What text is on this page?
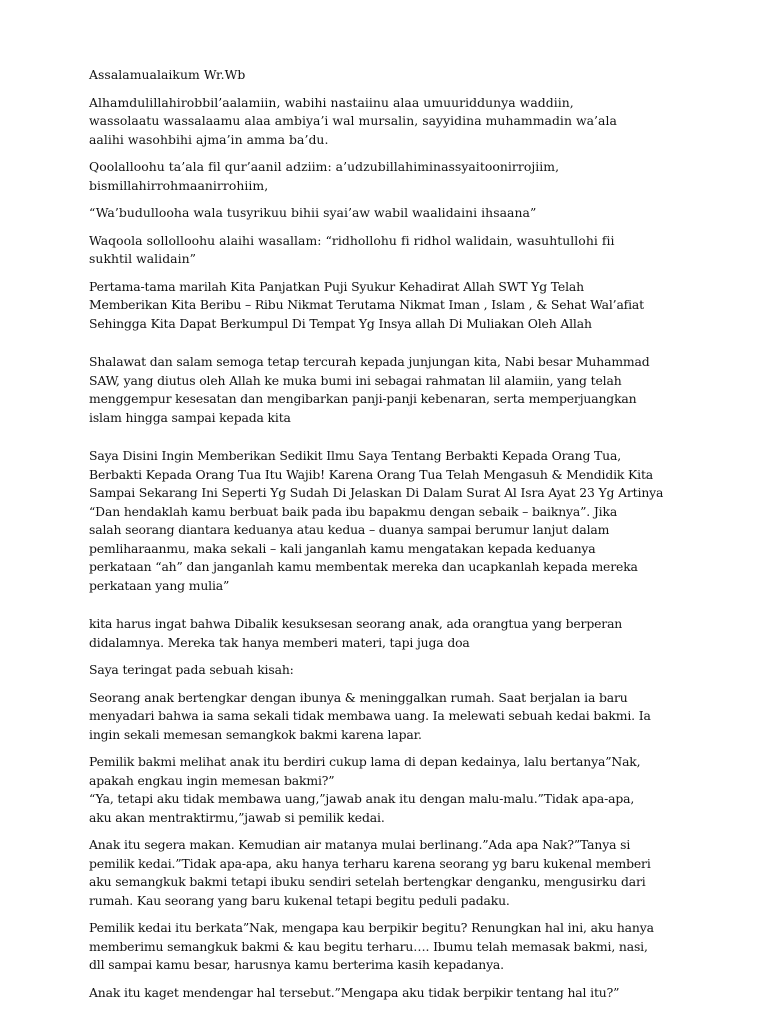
Assalamualaikum Wr.Wb

Alhamdulillahirobbil’aalamiin, wabihi nastaiinu alaa umuuriddunya waddiin,
wassolaatu wassalaamu alaa ambiya’i wal mursalin, sayyidina muhammadin wa’ala
aalihi wasohbihi ajma’in amma ba’du.

Qoolalloohu ta’ala fil qur’aanil adziim: a’udzubillahiminassyaitoonirrojiim,
bismillahirrohmaanirrohiim,

“Wa’budullooha wala tusyrikuu bihii syai’aw wabil waalidaini ihsaana”

Waqoola sollolloohu alaihi wasallam: “ridhollohu fi ridhol walidain, wasuhtullohi fii
sukhtil walidain”

Pertama-tama marilah Kita Panjatkan Puji Syukur Kehadirat Allah SWT Yg Telah
Memberikan Kita Beribu – Ribu Nikmat Terutama Nikmat Iman , Islam , & Sehat Wal’afiat
Sehingga Kita Dapat Berkumpul Di Tempat Yg Insya allah Di Muliakan Oleh Allah

Shalawat dan salam semoga tetap tercurah kepada junjungan kita, Nabi besar Muhammad
SAW, yang diutus oleh Allah ke muka bumi ini sebagai rahmatan lil alamiin, yang telah
menggempur kesesatan dan mengibarkan panji-panji kebenaran, serta memperjuangkan
islam hingga sampai kepada kita

Saya Disini Ingin Memberikan Sedikit Ilmu Saya Tentang Berbakti Kepada Orang Tua,
Berbakti Kepada Orang Tua Itu Wajib! Karena Orang Tua Telah Mengasuh & Mendidik Kita
Sampai Sekarang Ini Seperti Yg Sudah Di Jelaskan Di Dalam Surat Al Isra Ayat 23 Yg Artinya
“Dan hendaklah kamu berbuat baik pada ibu bapakmu dengan sebaik – baiknya”. Jika
salah seorang diantara keduanya atau kedua – duanya sampai berumur lanjut dalam
pemliharaanmu, maka sekali – kali janganlah kamu mengatakan kepada keduanya
perkataan “ah” dan janganlah kamu membentak mereka dan ucapkanlah kepada mereka
perkataan yang mulia”

kita harus ingat bahwa Dibalik kesuksesan seorang anak, ada orangtua yang berperan
didalamnya. Mereka tak hanya memberi materi, tapi juga doa

Saya teringat pada sebuah kisah:

Seorang anak bertengkar dengan ibunya & meninggalkan rumah. Saat berjalan ia baru
menyadari bahwa ia sama sekali tidak membawa uang. Ia melewati sebuah kedai bakmi. Ia
ingin sekali memesan semangkok bakmi karena lapar.

Pemilik bakmi melihat anak itu berdiri cukup lama di depan kedainya, lalu bertanya”Nak,
apakah engkau ingin memesan bakmi?”
“Ya, tetapi aku tidak membawa uang,”jawab anak itu dengan malu-malu.”Tidak apa-apa,
aku akan mentraktirmu,”jawab si pemilik kedai.

Anak itu segera makan. Kemudian air matanya mulai berlinang.”Ada apa Nak?”Tanya si
pemilik kedai.”Tidak apa-apa, aku hanya terharu karena seorang yg baru kukenal memberi
aku semangkuk bakmi tetapi ibuku sendiri setelah bertengkar denganku, mengusirku dari
rumah. Kau seorang yang baru kukenal tetapi begitu peduli padaku.

Pemilik kedai itu berkata”Nak, mengapa kau berpikir begitu? Renungkan hal ini, aku hanya
memberimu semangkuk bakmi & kau begitu terharu…. Ibumu telah memasak bakmi, nasi,
dll sampai kamu besar, harusnya kamu berterima kasih kepadanya.

Anak itu kaget mendengar hal tersebut.”Mengapa aku tidak berpikir tentang hal itu?”
